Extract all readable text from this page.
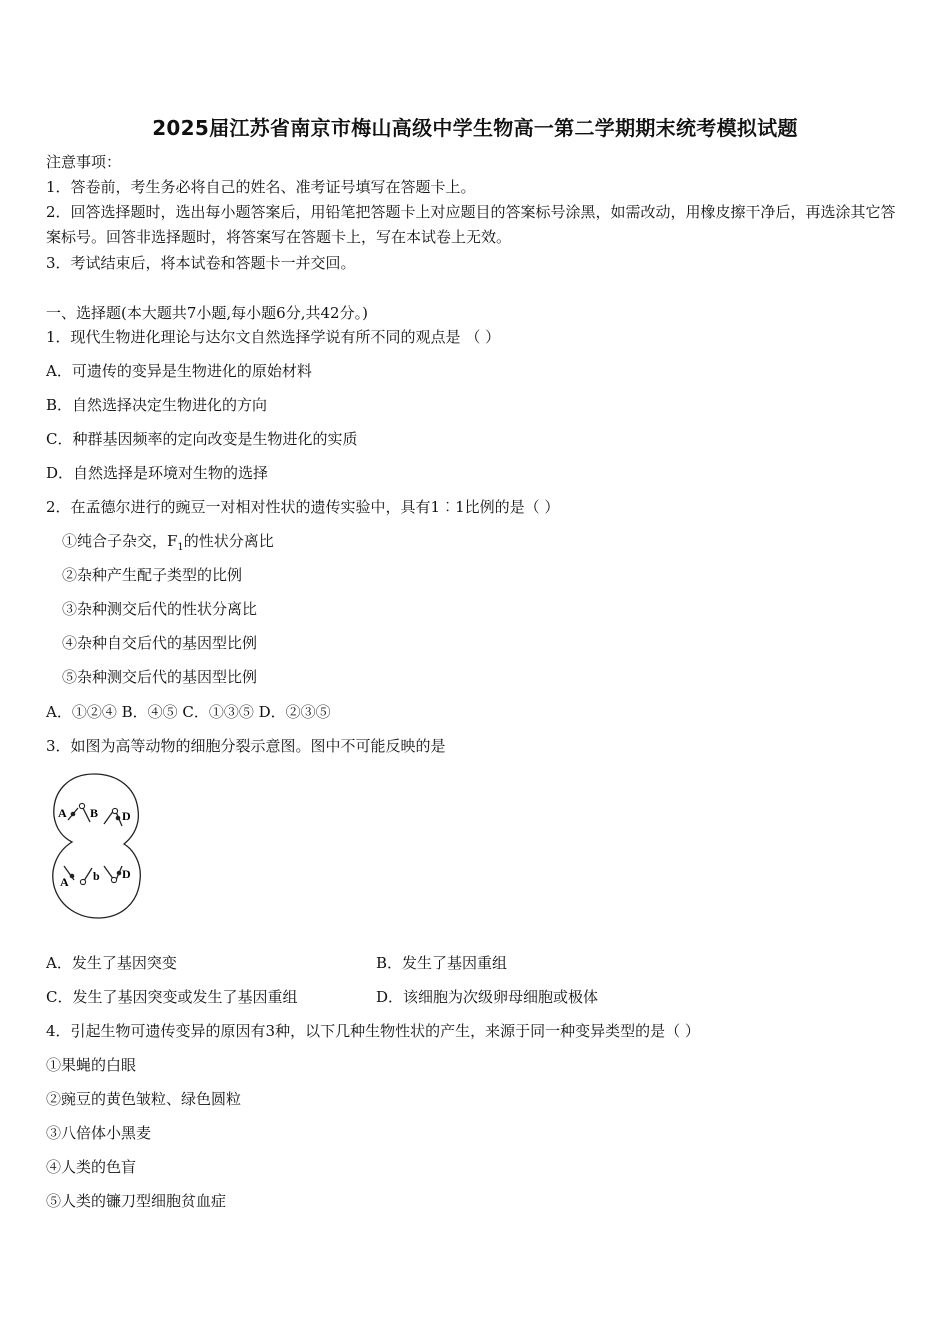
2025届江苏省南京市梅山高级中学生物高一第二学期期末统考模拟试题
注意事项：
1．答卷前，考生务必将自己的姓名、准考证号填写在答题卡上。
2．回答选择题时，选出每小题答案后，用铅笔把答题卡上对应题目的答案标号涂黑，如需改动，用橡皮擦干净后，再选涂其它答案标号。回答非选择题时，将答案写在答题卡上，写在本试卷上无效。
3．考试结束后，将本试卷和答题卡一并交回。
一、选择题(本大题共7小题,每小题6分,共42分。)
1．现代生物进化理论与达尔文自然选择学说有所不同的观点是 （ ）
A．可遗传的变异是生物进化的原始材料
B．自然选择决定生物进化的方向
C．种群基因频率的定向改变是生物进化的实质
D．自然选择是环境对生物的选择
2．在孟德尔进行的豌豆一对相对性状的遗传实验中，具有1︰1比例的是（ ）
①纯合子杂交，$F_1$的性状分离比
②杂种产生配子类型的比例
③杂种测交后代的性状分离比
④杂种自交后代的基因型比例
⑤杂种测交后代的基因型比例
A．①②④ B．④⑤ C．①③⑤ D．②③⑤
3．如图为高等动物的细胞分裂示意图。图中不可能反映的是
A B D
A b D
A．发生了基因突变	B．发生了基因重组
C．发生了基因突变或发生了基因重组	D．该细胞为次级卵母细胞或极体
4．引起生物可遗传变异的原因有3种，以下几种生物性状的产生，来源于同一种变异类型的是（ ）
①果蝇的白眼
②豌豆的黄色皱粒、绿色圆粒
③八倍体小黑麦
④人类的色盲
⑤人类的镰刀型细胞贫血症
